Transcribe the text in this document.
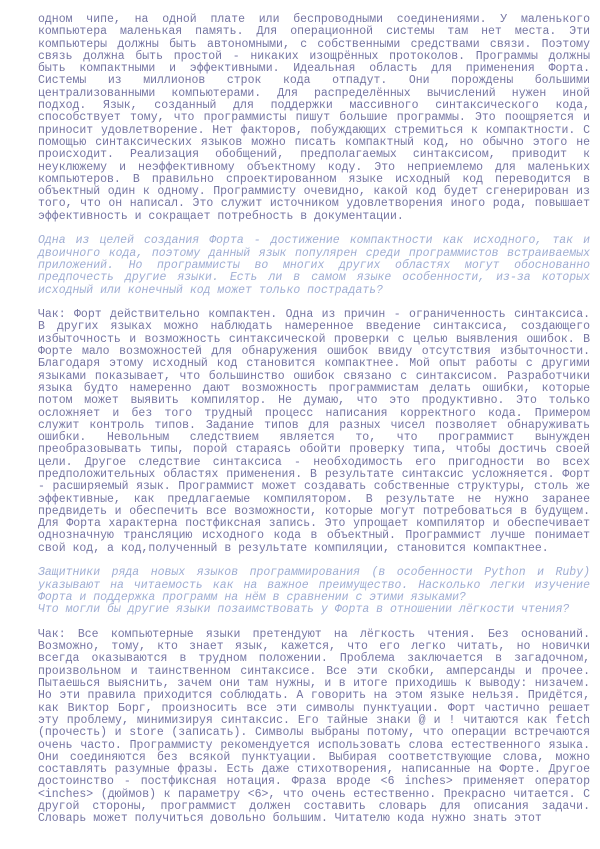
одном чипе, на одной плате или беспроводными соединениями. У маленького компьютера маленькая память. Для операционной системы там нет места. Эти компьютеры должны быть автономными, с собственными средствами связи. Поэтому связь должна быть простой - никаких изощрённых протоколов. Программы должны быть компактными и эффективными. Идеальная область для применения Форта. Системы из миллионов строк кода отпадут. Они порождены большими централизованными компьютерами. Для распределённых вычислений нужен иной подход. Язык, созданный для поддержки массивного синтаксического кода, способствует тому, что программисты пишут большие программы. Это поощряется и приносит удовлетворение. Нет факторов, побуждающих стремиться к компактности. С помощью синтаксических языков можно писать компактный код, но обычно этого не происходит. Реализация обобщений, предполагаемых синтаксисом, приводит к неуклюжему и неэффективному объектному коду. Это неприемлемо для маленьких компьютеров. В правильно спроектированном языке исходный код переводится в объектный один к одному. Программисту очевидно, какой код будет сгенерирован из того, что он написал. Это служит источником удовлетворения иного рода, повышает эффективность и сокращает потребность в документации.

Одна из целей создания Форта - достижение компактности как исходного, так и двоичного кода, поэтому данный язык популярен среди программистов встраиваемых приложений. Но программисты во многих других областях могут обоснованно предпочесть другие языки. Есть ли в самом языке особенности, из-за которых исходный или конечный код может только пострадать?

Чак: Форт действительно компактен. Одна из причин - ограниченность синтаксиса. В других языках можно наблюдать намеренное введение синтаксиса, создающего избыточность и возможность синтаксической проверки с целью выявления ошибок. В Форте мало возможностей для обнаружения ошибок ввиду отсутствия избыточности. Благодаря этому исходный код становится компактнее. Мой опыт работы с другими языками показывает, что большинство ошибок связано с синтаксисом. Разработчики языка будто намеренно дают возможность программистам делать ошибки, которые потом может выявить компилятор. Не думаю, что это продуктивно. Это только осложняет и без того трудный процесс написания корректного кода. Примером служит контроль типов. Задание типов для разных чисел позволяет обнаруживать ошибки. Невольным следствием является то, что программист вынужден преобразовывать типы, порой стараясь обойти проверку типа, чтобы достичь своей цели. Другое следствие синтаксиса - необходимость его пригодности во всех предположительных областях применения. В результате синтаксис усложняется. Форт - расширяемый язык. Программист может создавать собственные структуры, столь же эффективные, как предлагаемые компилятором. В результате не нужно заранее предвидеть и обеспечить все возможности, которые могут потребоваться в будущем. Для Форта характерна постфиксная запись. Это упрощает компилятор и обеспечивает однозначную трансляцию исходного кода в объектный. Программист лучше понимает свой код, а код,полученный в результате компиляции, становится компактнее.

Защитники ряда новых языков программирования (в особенности Python и Ruby) указывают на читаемость как на важное преимущество. Насколько легки изучение Форта и поддержка программ на нём в сравнении с этими языками?
Что могли бы другие языки позаимствовать у Форта в отношении лёгкости чтения?

Чак: Все компьютерные языки претендуют на лёгкость чтения. Без оснований. Возможно, тому, кто знает язык, кажется, что его легко читать, но новички всегда оказываются в трудном положении. Проблема заключается в загадочном, произвольном и таинственном синтаксисе. Все эти скобки, амперсанды и прочее. Пытаешься выяснить, зачем они там нужны, и в итоге приходишь к выводу: низачем. Но эти правила приходится соблюдать. А говорить на этом языке нельзя. Придётся, как Виктор Борг, произносить все эти символы пунктуации. Форт частично решает эту проблему, минимизируя синтаксис. Его тайные знаки @ и ! читаются как fetch (прочесть) и store (записать). Символы выбраны потому, что операции встречаются очень часто. Программисту рекомендуется использовать слова естественного языка. Они соединяются без всякой пунктуации. Выбирая соответствующие слова, можно составлять разумные фразы. Есть даже стихотворения, написанные на Форте. Другое достоинство - постфиксная нотация. Фраза вроде <6 inches> применяет оператор <inches> (дюймов) к параметру <6>, что очень естественно. Прекрасно читается. С другой стороны, программист должен составить словарь для описания задачи. Словарь может получиться довольно большим. Читателю кода нужно знать этот
